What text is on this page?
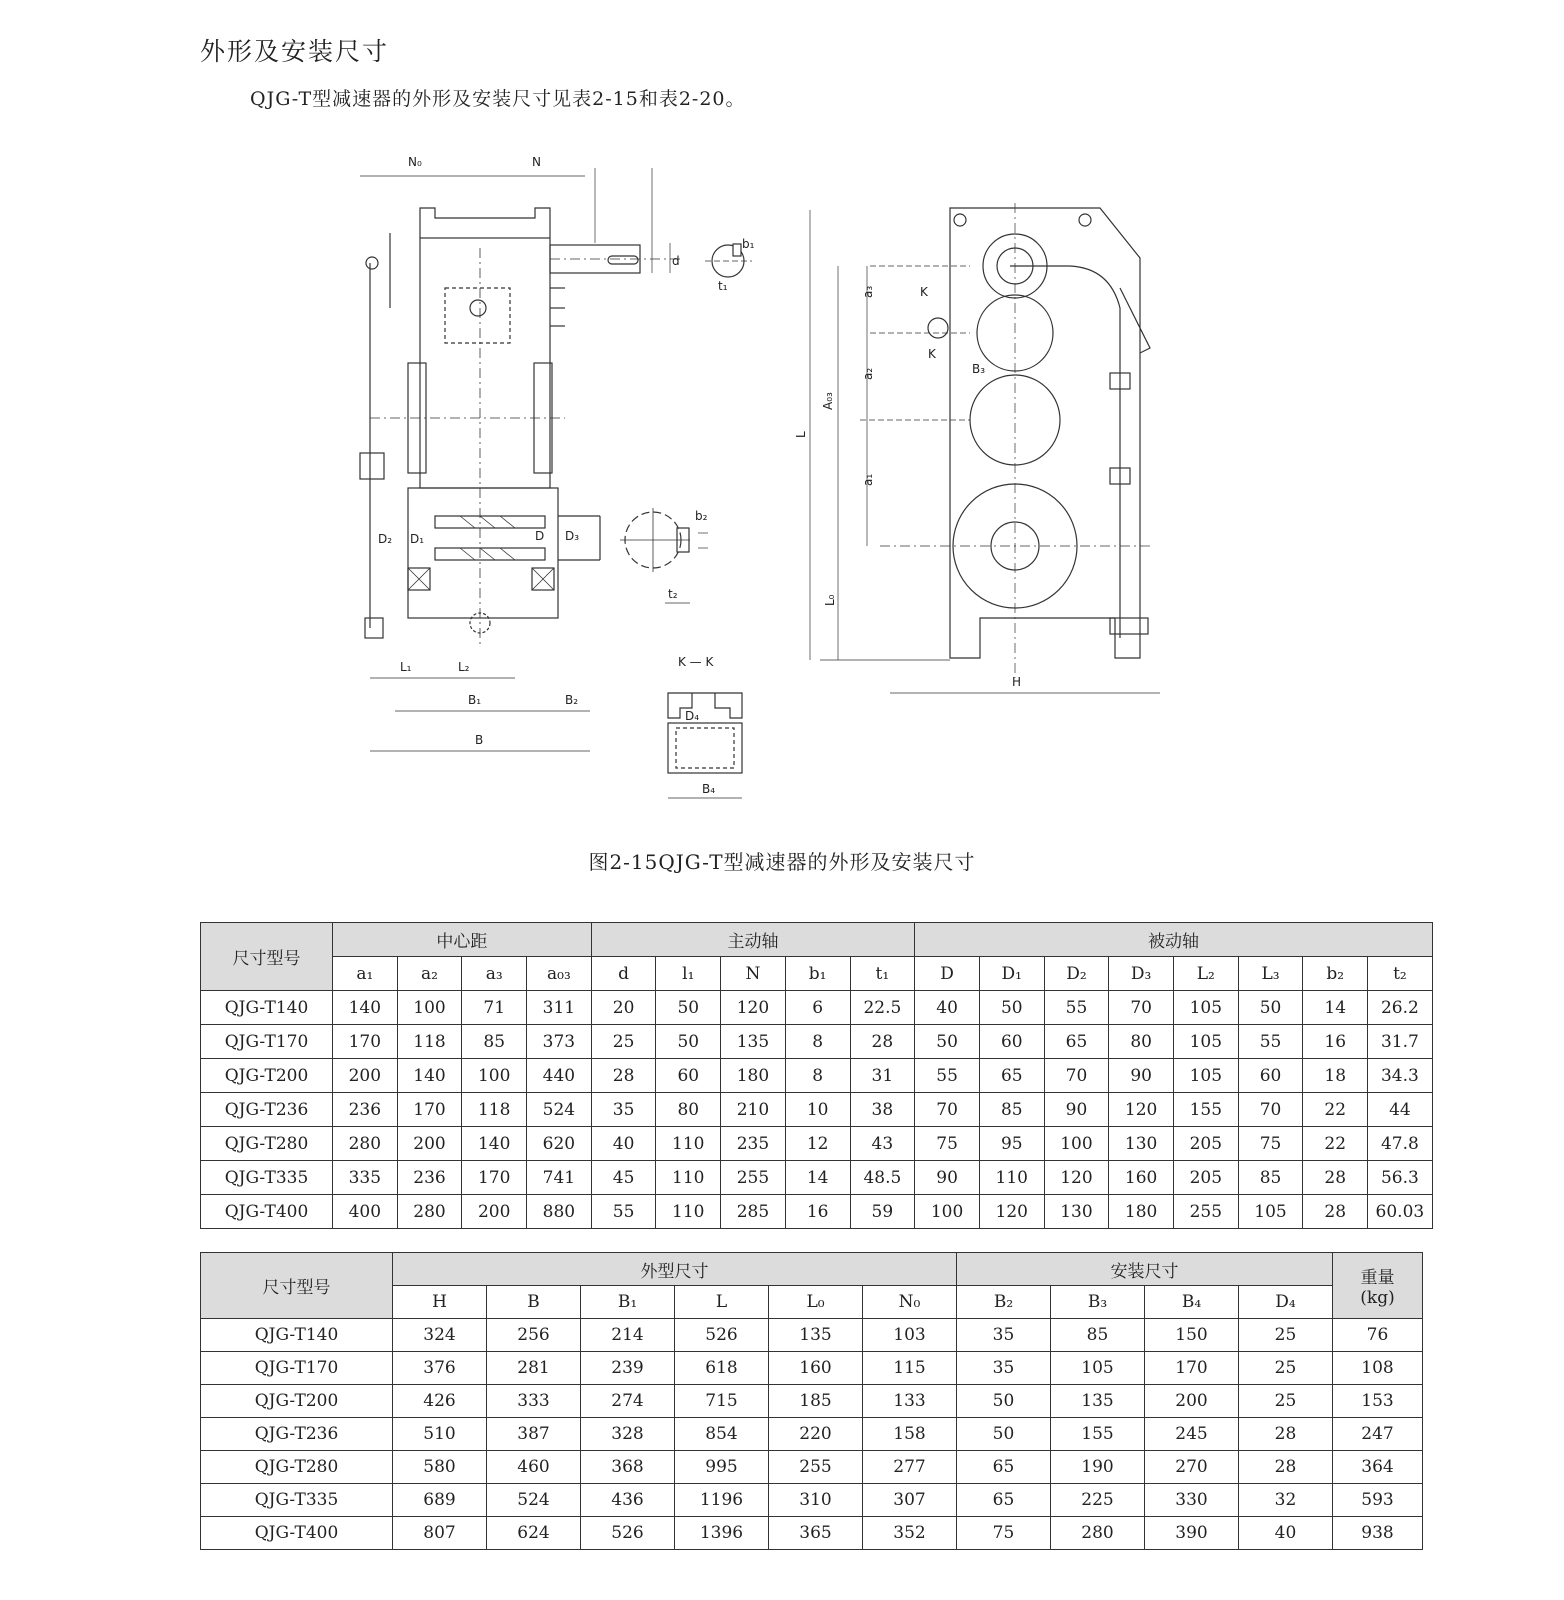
外形及安装尺寸
QJG-T型减速器的外形及安装尺寸见表2-15和表2-20。
N₀	N
d
b₁
t₁
D₂ D₁	D D₃
L₁	L₂
B₁	B₂
B
b₂
t₂
K — K
D₄
B₄
a₃	K
K
B₃
a₂
A₀₃
L
a₁
L₀
H
图2-15QJG-T型减速器的外形及安装尺寸
尺寸型号	中心距				主动轴					被动轴							
	a₁	a₂	a₃	a₀₃	d	l₁	N	b₁	t₁	D	D₁	D₂	D₃	L₂	L₃	b₂	t₂
QJG-T140	140	100	71	311	20	50	120	6	22.5	40	50	55	70	105	50	14	26.2
QJG-T170	170	118	85	373	25	50	135	8	28	50	60	65	80	105	55	16	31.7
QJG-T200	200	140	100	440	28	60	180	8	31	55	65	70	90	105	60	18	34.3
QJG-T236	236	170	118	524	35	80	210	10	38	70	85	90	120	155	70	22	44
QJG-T280	280	200	140	620	40	110	235	12	43	75	95	100	130	205	75	22	47.8
QJG-T335	335	236	170	741	45	110	255	14	48.5	90	110	120	160	205	85	28	56.3
QJG-T400	400	280	200	880	55	110	285	16	59	100	120	130	180	255	105	28	60.03
尺寸型号	外型尺寸						安装尺寸				重量
(kg)
	H	B	B₁	L	L₀	N₀	B₂	B₃	B₄	D₄	
QJG-T140	324	256	214	526	135	103	35	85	150	25	76
QJG-T170	376	281	239	618	160	115	35	105	170	25	108
QJG-T200	426	333	274	715	185	133	50	135	200	25	153
QJG-T236	510	387	328	854	220	158	50	155	245	28	247
QJG-T280	580	460	368	995	255	277	65	190	270	28	364
QJG-T335	689	524	436	1196	310	307	65	225	330	32	593
QJG-T400	807	624	526	1396	365	352	75	280	390	40	938
